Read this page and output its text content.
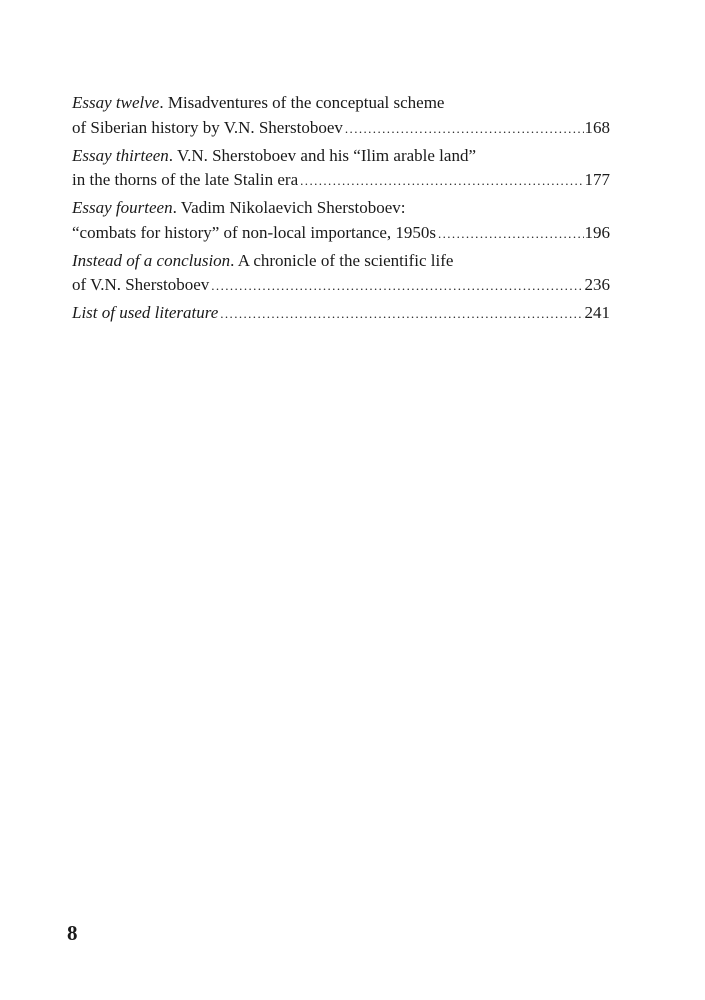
Essay twelve . Misadventures of the conceptual scheme
of Siberian history by V.N. Sherstoboev .....	168
Essay thirteen . V.N. Sherstoboev and his “Ilim arable land”
in the thorns of the late Stalin era .....	177
Essay fourteen . Vadim Nikolaevich Sherstoboev:
“combats for history” of non-local importance, 1950s .....	196
Instead of a conclusion . A chronicle of the scientific life
of V.N. Sherstoboev .....	236
List of used literature .....	241
8
